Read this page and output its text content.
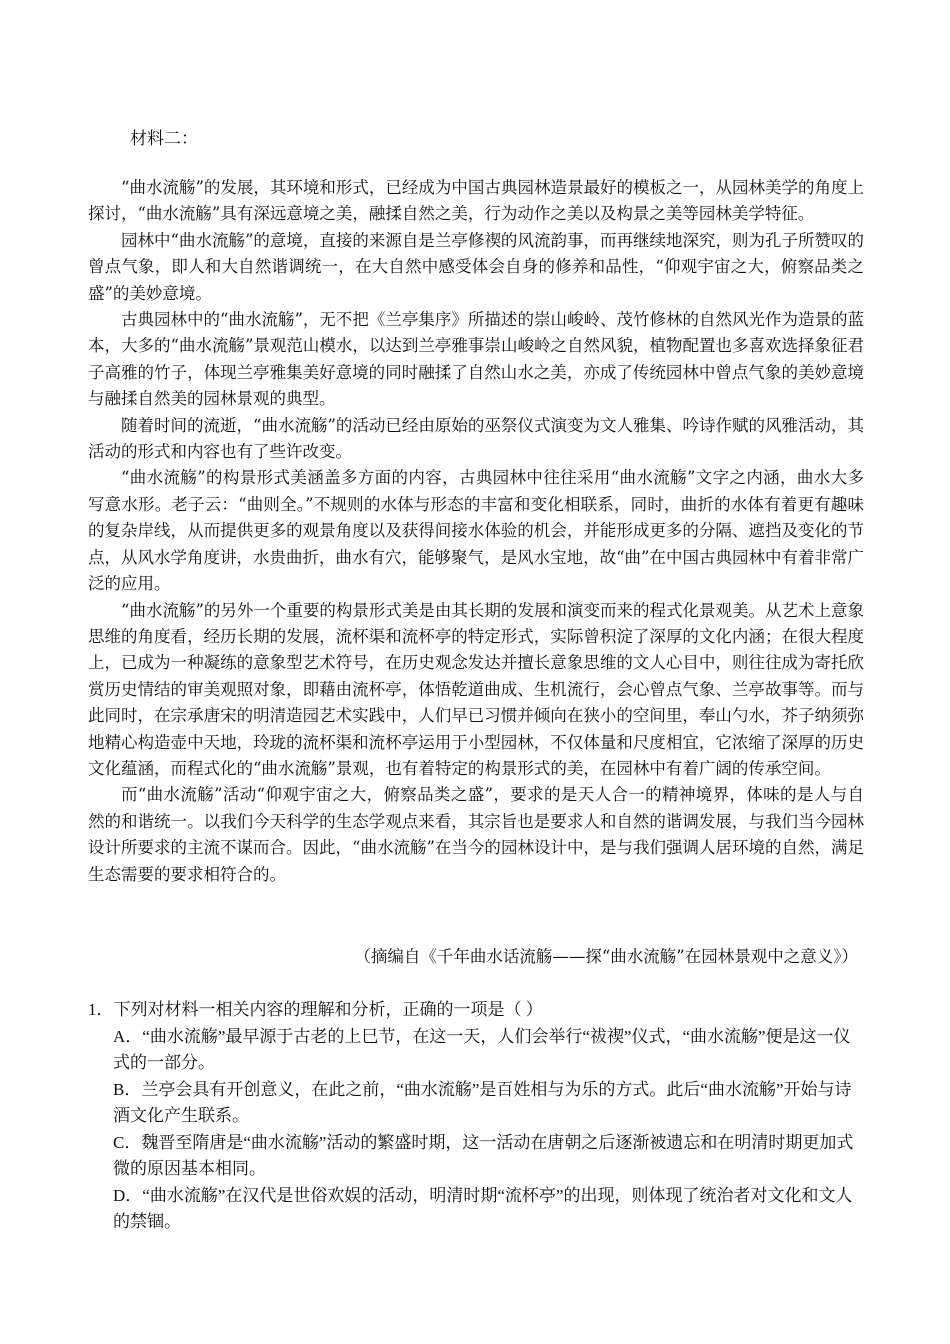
材料二：

“曲水流觞”的发展，其环境和形式，已经成为中国古典园林造景最好的模板之一，从园林美学的角度上探讨，“曲水流觞”具有深远意境之美，融揉自然之美，行为动作之美以及构景之美等园林美学特征。

园林中“曲水流觞”的意境，直接的来源自是兰亭修禊的风流韵事，而再继续地深究，则为孔子所赞叹的曾点气象，即人和大自然谐调统一，在大自然中感受体会自身的修养和品性，“仰观宇宙之大，俯察品类之盛”的美妙意境。

古典园林中的“曲水流觞”，无不把《兰亭集序》所描述的崇山峻岭、茂竹修林的自然风光作为造景的蓝本，大多的“曲水流觞”景观范山模水，以达到兰亭雅事崇山峻岭之自然风貌，植物配置也多喜欢选择象征君子高雅的竹子，体现兰亭雅集美好意境的同时融揉了自然山水之美，亦成了传统园林中曾点气象的美妙意境与融揉自然美的园林景观的典型。

随着时间的流逝，“曲水流觞”的活动已经由原始的巫祭仪式演变为文人雅集、吟诗作赋的风雅活动，其活动的形式和内容也有了些许改变。

“曲水流觞”的构景形式美涵盖多方面的内容，古典园林中往往采用“曲水流觞”文字之内涵，曲水大多写意水形。老子云：“曲则全。”不规则的水体与形态的丰富和变化相联系，同时，曲折的水体有着更有趣味的复杂岸线，从而提供更多的观景角度以及获得间接水体验的机会，并能形成更多的分隔、遮挡及变化的节点，从风水学角度讲，水贵曲折，曲水有穴，能够聚气，是风水宝地，故“曲”在中国古典园林中有着非常广泛的应用。

“曲水流觞”的另外一个重要的构景形式美是由其长期的发展和演变而来的程式化景观美。从艺术上意象思维的角度看，经历长期的发展，流杯渠和流杯亭的特定形式，实际曾积淀了深厚的文化内涵；在很大程度上，已成为一种凝练的意象型艺术符号，在历史观念发达并擅长意象思维的文人心目中，则往往成为寄托欣赏历史情结的审美观照对象，即藉由流杯亭，体悟乾道曲成、生机流行，会心曾点气象、兰亭故事等。而与此同时，在宗承唐宋的明清造园艺术实践中，人们早已习惯并倾向在狭小的空间里，奉山勺水，芥子纳须弥地精心构造壶中天地，玲珑的流杯渠和流杯亭运用于小型园林，不仅体量和尺度相宜，它浓缩了深厚的历史文化蕴涵，而程式化的“曲水流觞”景观，也有着特定的构景形式的美，在园林中有着广阔的传承空间。

而“曲水流觞”活动“仰观宇宙之大，俯察品类之盛”，要求的是天人合一的精神境界，体味的是人与自然的和谐统一。以我们今天科学的生态学观点来看，其宗旨也是要求人和自然的谐调发展，与我们当今园林设计所要求的主流不谋而合。因此，“曲水流觞”在当今的园林设计中，是与我们强调人居环境的自然，满足生态需要的要求相符合的。

（摘编自《千年曲水话流觞——探“曲水流觞”在园林景观中之意义》）

1．下列对材料一相关内容的理解和分析，正确的一项是（ ）

A．“曲水流觞”最早源于古老的上巳节，在这一天，人们会举行“祓禊”仪式，“曲水流觞”便是这一仪式的一部分。

B．兰亭会具有开创意义，在此之前，“曲水流觞”是百姓相与为乐的方式。此后“曲水流觞”开始与诗酒文化产生联系。

C．魏晋至隋唐是“曲水流觞”活动的繁盛时期，这一活动在唐朝之后逐渐被遗忘和在明清时期更加式微的原因基本相同。

D．“曲水流觞”在汉代是世俗欢娱的活动，明清时期“流杯亭”的出现，则体现了统治者对文化和文人的禁锢。
